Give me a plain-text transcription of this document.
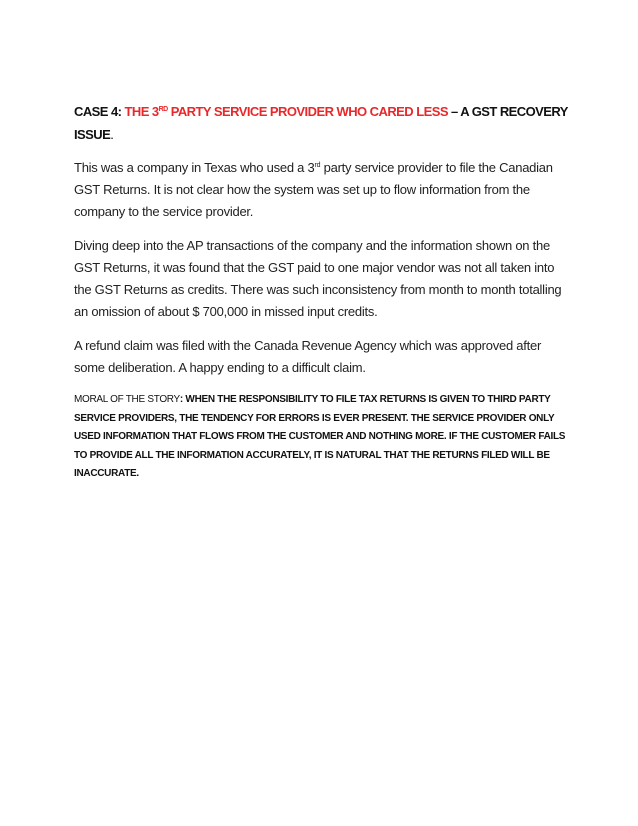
CASE 4: THE 3RD PARTY SERVICE PROVIDER WHO CARED LESS – A GST RECOVERY ISSUE.

This was a company in Texas who used a 3rd party service provider to file the Canadian GST Returns. It is not clear how the system was set up to flow information from the company to the service provider.

Diving deep into the AP transactions of the company and the information shown on the GST Returns, it was found that the GST paid to one major vendor was not all taken into the GST Returns as credits. There was such inconsistency from month to month totalling an omission of about $ 700,000 in missed input credits.

A refund claim was filed with the Canada Revenue Agency which was approved after some deliberation. A happy ending to a difficult claim.

MORAL OF THE STORY: WHEN THE RESPONSIBILITY TO FILE TAX RETURNS IS GIVEN TO THIRD PARTY SERVICE PROVIDERS, THE TENDENCY FOR ERRORS IS EVER PRESENT. THE SERVICE PROVIDER ONLY USED INFORMATION THAT FLOWS FROM THE CUSTOMER AND NOTHING MORE. IF THE CUSTOMER FAILS TO PROVIDE ALL THE INFORMATION ACCURATELY, IT IS NATURAL THAT THE RETURNS FILED WILL BE INACCURATE.
